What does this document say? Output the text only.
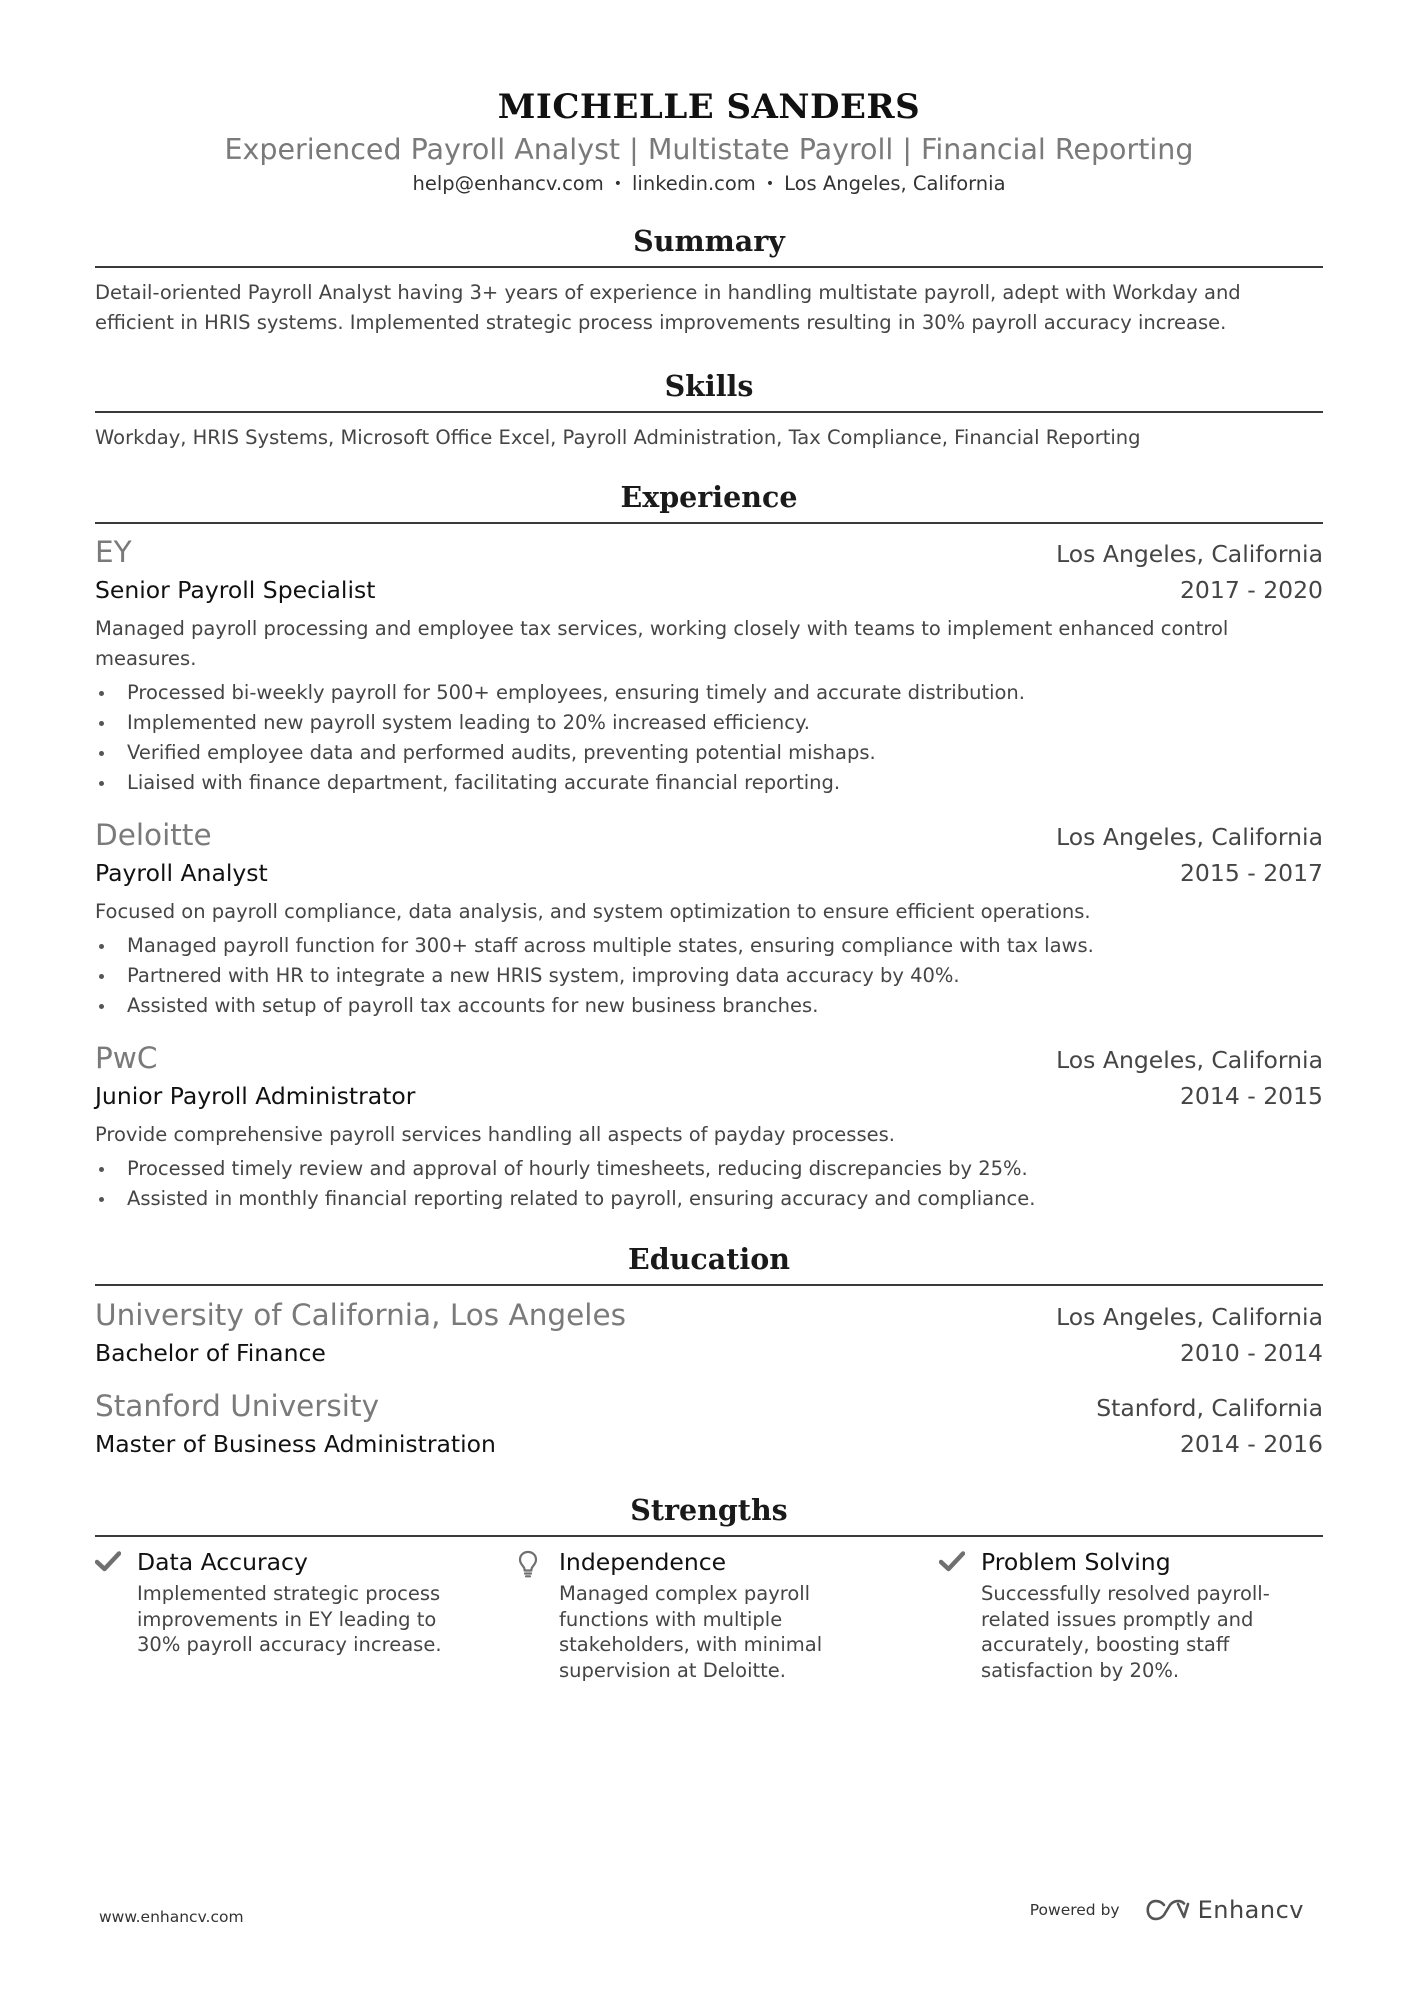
MICHELLE SANDERS
Experienced Payroll Analyst | Multistate Payroll | Financial Reporting
help@enhancv.com • linkedin.com • Los Angeles, California
Summary
Detail-oriented Payroll Analyst having 3+ years of experience in handling multistate payroll, adept with Workday and efficient in HRIS systems. Implemented strategic process improvements resulting in 30% payroll accuracy increase.
Skills
Workday, HRIS Systems, Microsoft Office Excel, Payroll Administration, Tax Compliance, Financial Reporting
Experience
EY	Los Angeles, California
Senior Payroll Specialist	2017 - 2020
Managed payroll processing and employee tax services, working closely with teams to implement enhanced control measures.
Processed bi-weekly payroll for 500+ employees, ensuring timely and accurate distribution.
Implemented new payroll system leading to 20% increased efficiency.
Verified employee data and performed audits, preventing potential mishaps.
Liaised with finance department, facilitating accurate financial reporting.
Deloitte	Los Angeles, California
Payroll Analyst	2015 - 2017
Focused on payroll compliance, data analysis, and system optimization to ensure efficient operations.
Managed payroll function for 300+ staff across multiple states, ensuring compliance with tax laws.
Partnered with HR to integrate a new HRIS system, improving data accuracy by 40%.
Assisted with setup of payroll tax accounts for new business branches.
PwC	Los Angeles, California
Junior Payroll Administrator	2014 - 2015
Provide comprehensive payroll services handling all aspects of payday processes.
Processed timely review and approval of hourly timesheets, reducing discrepancies by 25%.
Assisted in monthly financial reporting related to payroll, ensuring accuracy and compliance.
Education
University of California, Los Angeles	Los Angeles, California
Bachelor of Finance	2010 - 2014
Stanford University	Stanford, California
Master of Business Administration	2014 - 2016
Strengths
Data Accuracy
Implemented strategic process improvements in EY leading to 30% payroll accuracy increase.
Independence
Managed complex payroll functions with multiple stakeholders, with minimal supervision at Deloitte.
Problem Solving
Successfully resolved payroll-related issues promptly and accurately, boosting staff satisfaction by 20%.
www.enhancv.com	Powered by	Enhancv
